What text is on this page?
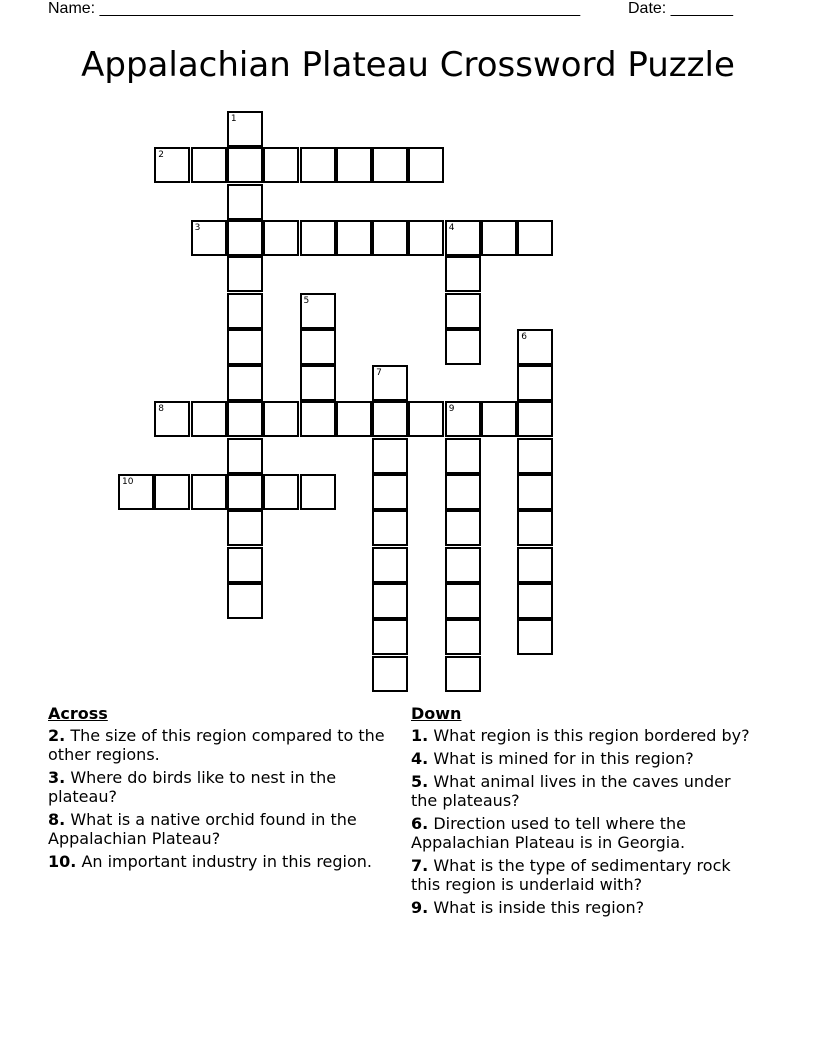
Name: ______________________________________________________	Date: _______
Appalachian Plateau Crossword Puzzle
1
2
3	4
5
6
7
8	9
10
Across
2. The size of this region compared to the other regions.
3. Where do birds like to nest in the plateau?
8. What is a native orchid found in the Appalachian Plateau?
10. An important industry in this region.
Down
1. What region is this region bordered by?
4. What is mined for in this region?
5. What animal lives in the caves under the plateaus?
6. Direction used to tell where the Appalachian Plateau is in Georgia.
7. What is the type of sedimentary rock this region is underlaid with?
9. What is inside this region?
